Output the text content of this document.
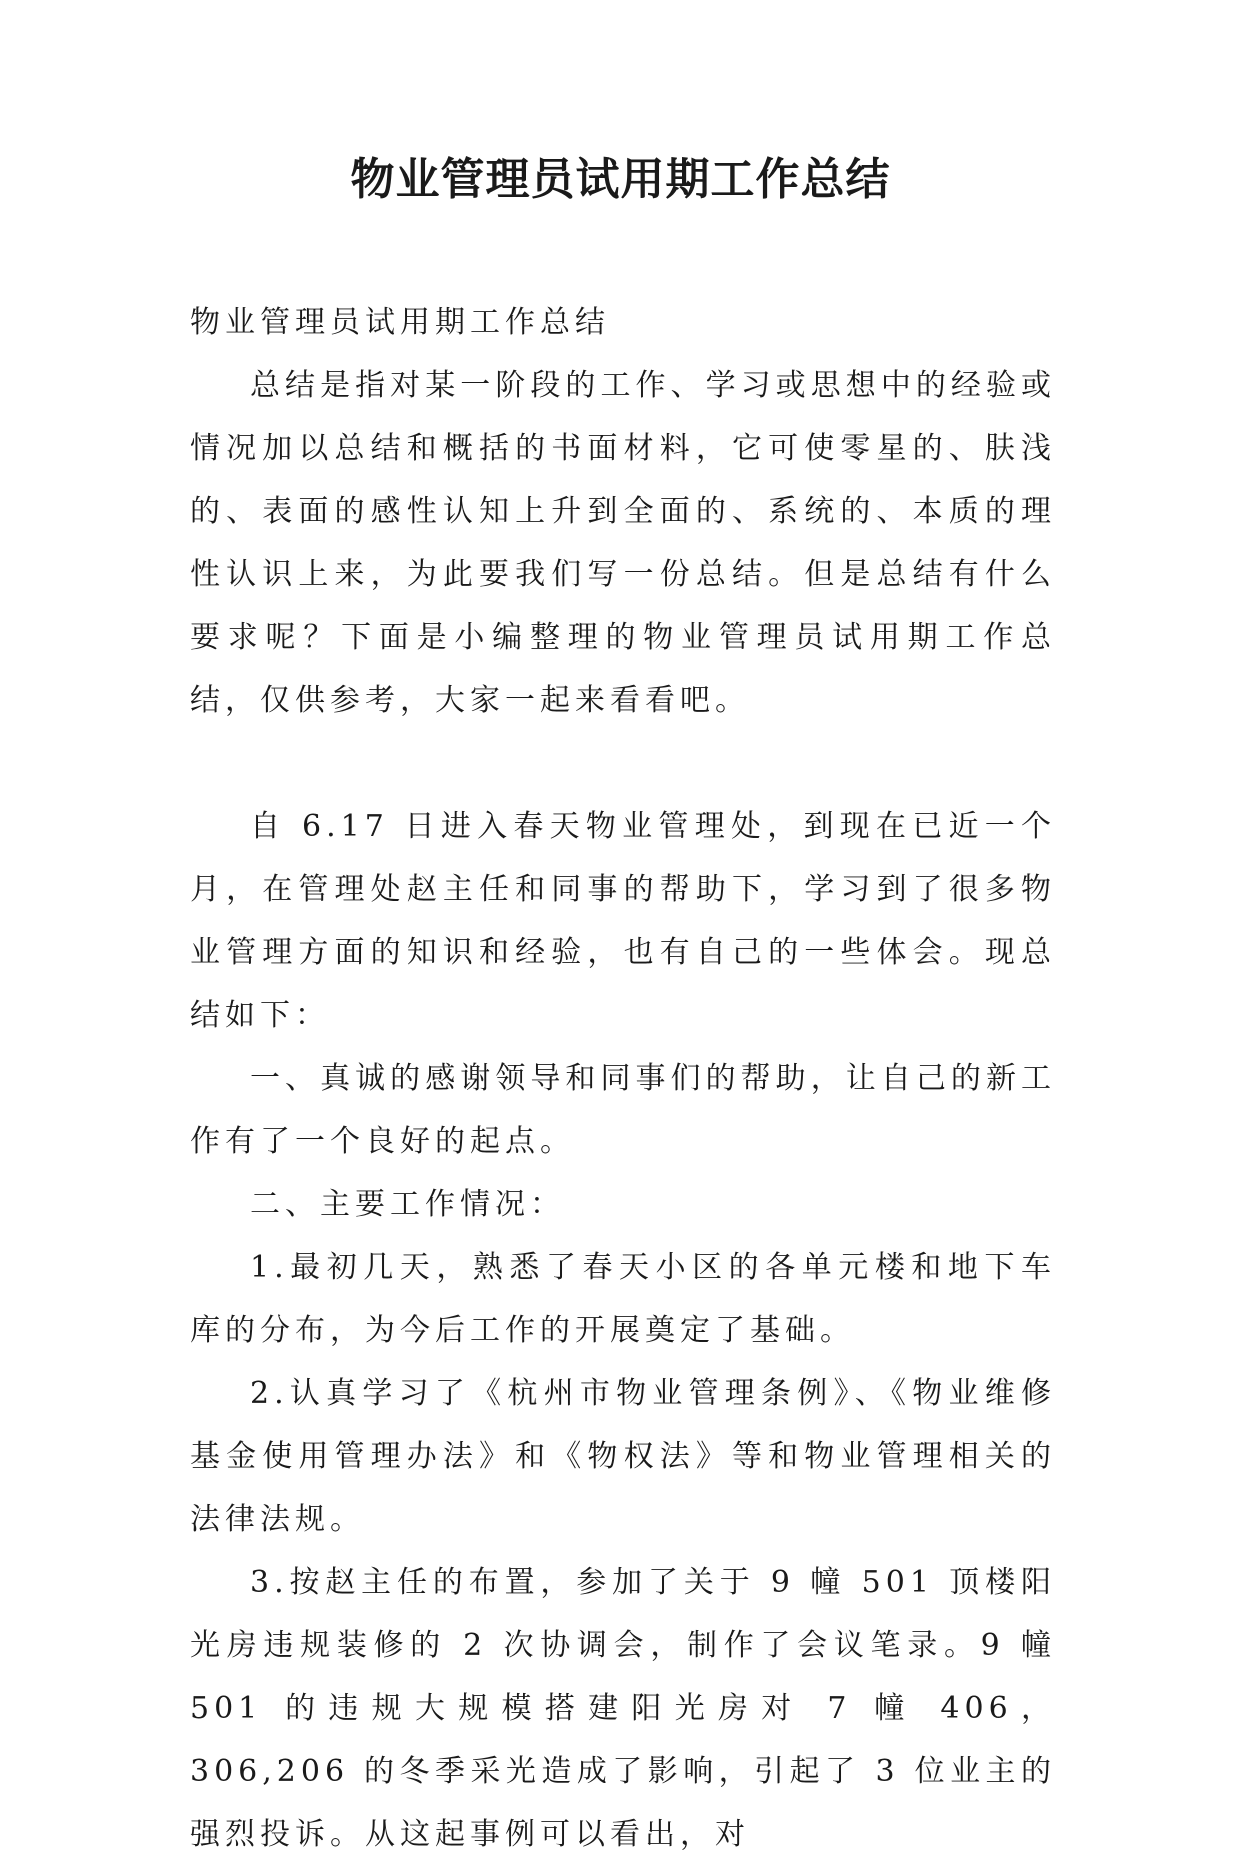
物业管理员试用期工作总结

物业管理员试用期工作总结

总结是指对某一阶段的工作、学习或思想中的经验或情况加以总结和概括的书面材料，它可使零星的、肤浅的、表面的感性认知上升到全面的、系统的、本质的理性认识上来，为此要我们写一份总结。但是总结有什么要求呢？下面是小编整理的物业管理员试用期工作总结，仅供参考，大家一起来看看吧。

自 6.17 日进入春天物业管理处，到现在已近一个月，在管理处赵主任和同事的帮助下，学习到了很多物业管理方面的知识和经验，也有自己的一些体会。现总结如下：

一、真诚的感谢领导和同事们的帮助，让自己的新工作有了一个良好的起点。

二、主要工作情况：

1.最初几天，熟悉了春天小区的各单元楼和地下车库的分布，为今后工作的开展奠定了基础。

2.认真学习了《杭州市物业管理条例》、《物业维修基金使用管理办法》和《物权法》等和物业管理相关的法律法规。

3.按赵主任的布置，参加了关于 9 幢 501 顶楼阳光房违规装修的 2 次协调会，制作了会议笔录。9 幢 501 的违规大规模搭建阳光房对 7 幢 406，306,206 的冬季采光造成了影响，引起了 3 位业主的强烈投诉。从这起事例可以看出，对
